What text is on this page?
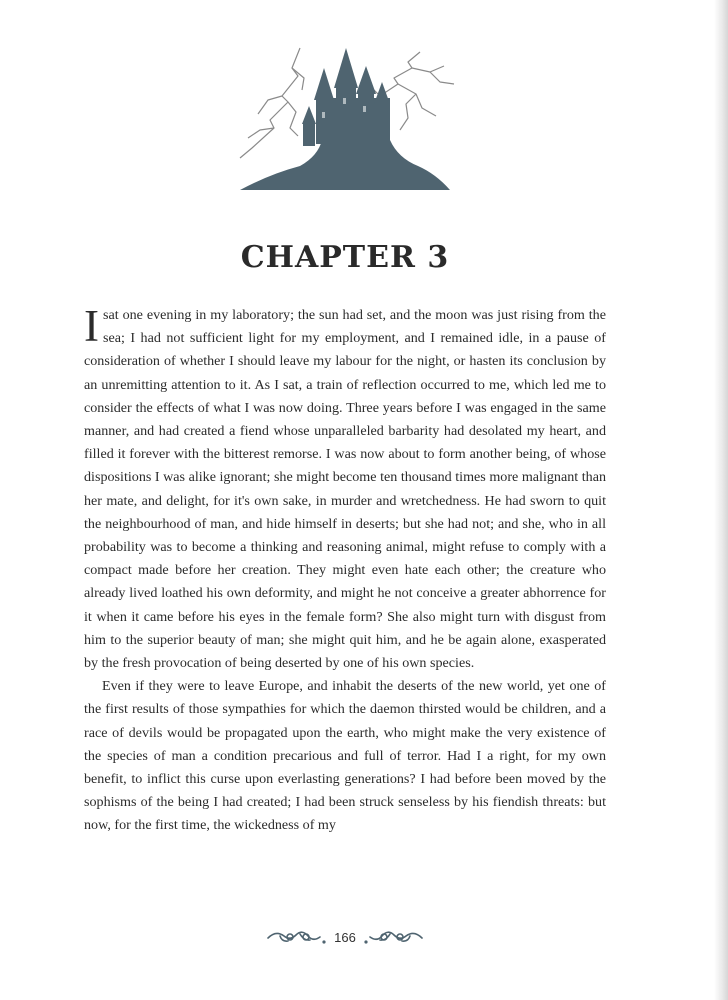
CHAPTER 3

Isat one evening in my laboratory; the sun had set, and the moon was just rising from the sea; I had not sufficient light for my employment, and I remained idle, in a pause of consideration of whether I should leave my labour for the night, or hasten its conclusion by an unremitting attention to it. As I sat, a train of reflection occurred to me, which led me to consider the effects of what I was now doing. Three years before I was engaged in the same manner, and had created a fiend whose unparalleled barbarity had desolated my heart, and filled it forever with the bitterest remorse. I was now about to form another being, of whose dispositions I was alike ignorant; she might become ten thousand times more malignant than her mate, and delight, for it's own sake, in murder and wretchedness. He had sworn to quit the neighbourhood of man, and hide himself in deserts; but she had not; and she, who in all probability was to become a thinking and reasoning animal, might refuse to comply with a compact made before her creation. They might even hate each other; the creature who already lived loathed his own deformity, and might he not conceive a greater abhorrence for it when it came before his eyes in the female form? She also might turn with disgust from him to the superior beauty of man; she might quit him, and he be again alone, exasperated by the fresh provocation of being deserted by one of his own species.

Even if they were to leave Europe, and inhabit the deserts of the new world, yet one of the first results of those sympathies for which the daemon thirsted would be children, and a race of devils would be propagated upon the earth, who might make the very existence of the species of man a condition precarious and full of terror. Had I a right, for my own benefit, to inflict this curse upon everlasting generations? I had before been moved by the sophisms of the being I had created; I had been struck senseless by his fiendish threats: but now, for the first time, the wickedness of my

166
